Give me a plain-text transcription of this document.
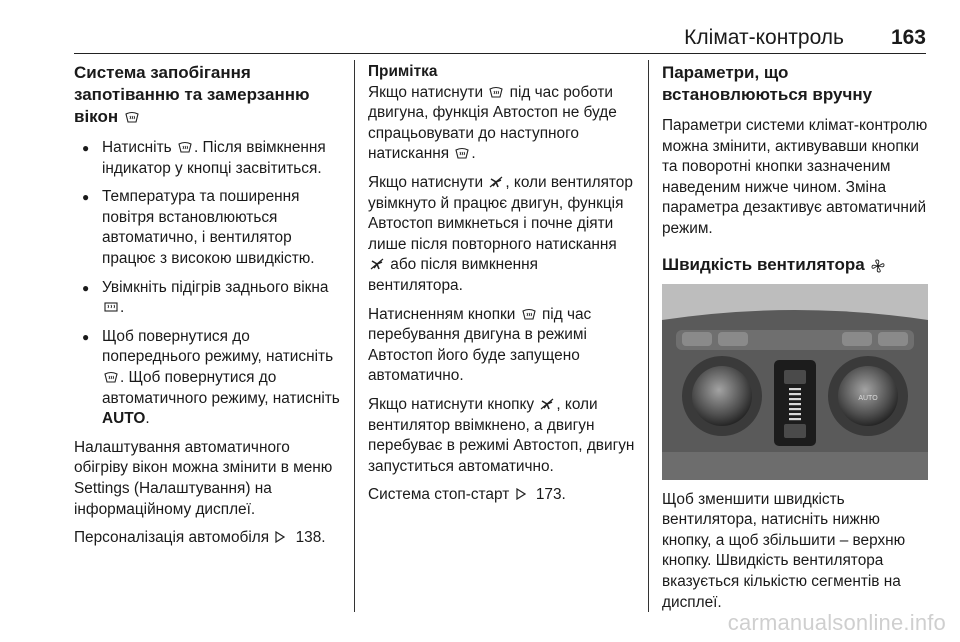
Клімат-контроль 163
Система запобігання
запотіванню та замерзанню
вікон
● Натисніть . Після ввімкнення індикатор у кнопці засвітиться.
● Температура та поширення повітря встановлюються автоматично, і вентилятор працює з високою швидкістю.
● Увімкніть підігрів заднього вікна
.
● Щоб повернутися до попереднього режиму, натисніть
. Щоб повернутися до автоматичного режиму, натисніть AUTO.

Налаштування автоматичного обігріву вікон можна змінити в меню Settings (Налаштування) на інформаційному дисплеї.

Персоналізація автомобіля 138.

Примітка

Якщо натиснути під час роботи двигуна, функція Автостоп не буде спрацьовувати до наступного натискання .

Якщо натиснути , коли вентилятор увімкнуто й працює двигун, функція Автостоп вимкнеться і почне діяти лише після повторного натискання
або після вимкнення вентилятора.

Натисненням кнопки під час перебування двигуна в режимі Автостоп його буде запущено автоматично.

Якщо натиснути кнопку , коли вентилятор ввімкнено, а двигун перебуває в режимі Автостоп, двигун запуститься автоматично.

Система стоп-старт 173.

Параметри, що
встановлюються вручну

Параметри системи клімат-контролю можна змінити, активувавши кнопки та поворотні кнопки зазначеним наведеним нижче чином. Зміна параметра дезактивує автоматичний режим.

Швидкість вентилятора
AUTO

Щоб зменшити швидкість вентилятора, натисніть нижню кнопку, а щоб збільшити – верхню кнопку. Швидкість вентилятора вказується кількістю сегментів на дисплеї.

carmanualsonline.info
